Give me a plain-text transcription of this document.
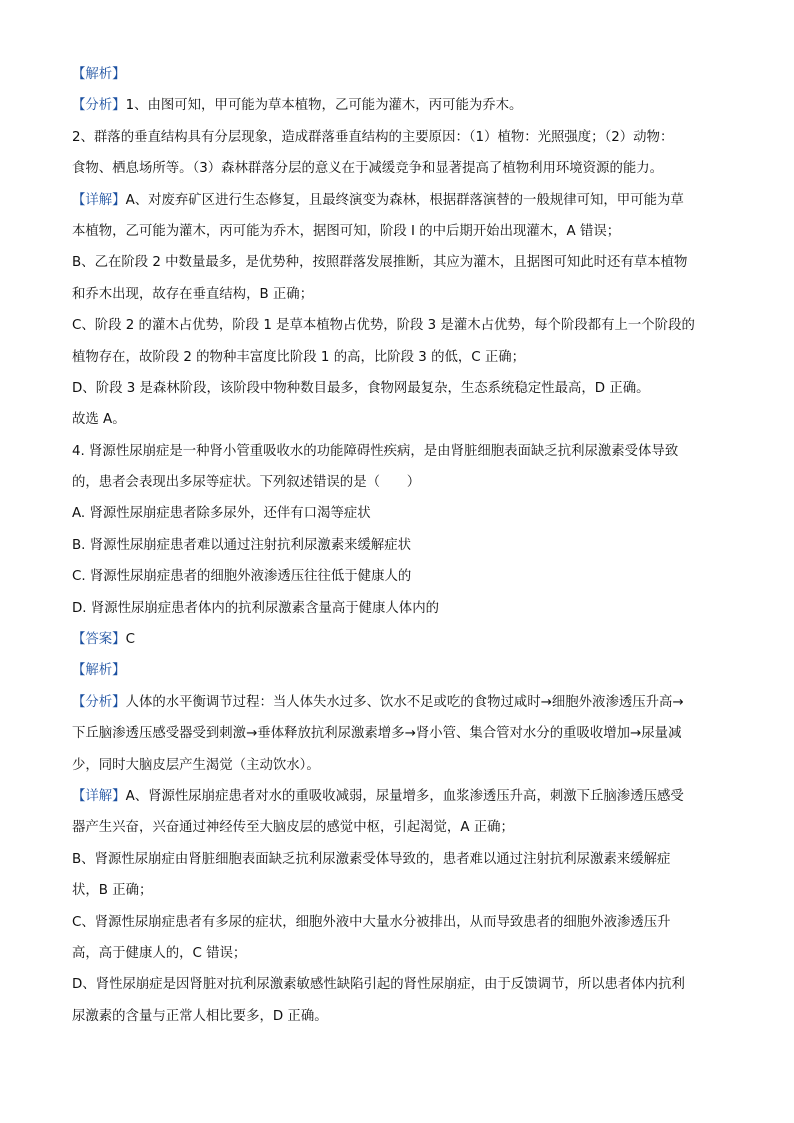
【解析】
【分析】1、由图可知，甲可能为草本植物，乙可能为灌木，丙可能为乔木。
2、群落的垂直结构具有分层现象，造成群落垂直结构的主要原因：（1）植物：光照强度；（2）动物：
食物、栖息场所等。（3）森林群落分层的意义在于减缓竞争和显著提高了植物利用环境资源的能力。
【详解】A、对废弃矿区进行生态修复，且最终演变为森林，根据群落演替的一般规律可知，甲可能为草
本植物，乙可能为灌木，丙可能为乔木，据图可知，阶段 I 的中后期开始出现灌木，A 错误；
B、乙在阶段 2 中数量最多，是优势种，按照群落发展推断，其应为灌木，且据图可知此时还有草本植物
和乔木出现，故存在垂直结构，B 正确；
C、阶段 2 的灌木占优势，阶段 1 是草本植物占优势，阶段 3 是灌木占优势，每个阶段都有上一个阶段的
植物存在，故阶段 2 的物种丰富度比阶段 1 的高，比阶段 3 的低，C 正确；
D、阶段 3 是森林阶段，该阶段中物种数目最多，食物网最复杂，生态系统稳定性最高，D 正确。
故选 A。
4. 肾源性尿崩症是一种肾小管重吸收水的功能障碍性疾病，是由肾脏细胞表面缺乏抗利尿激素受体导致
的，患者会表现出多尿等症状。下列叙述错误的是（　　）
A. 肾源性尿崩症患者除多尿外，还伴有口渴等症状
B. 肾源性尿崩症患者难以通过注射抗利尿激素来缓解症状
C. 肾源性尿崩症患者的细胞外液渗透压往往低于健康人的
D. 肾源性尿崩症患者体内的抗利尿激素含量高于健康人体内的
【答案】C
【解析】
【分析】人体的水平衡调节过程：当人体失水过多、饮水不足或吃的食物过咸时→细胞外液渗透压升高→
下丘脑渗透压感受器受到刺激→垂体释放抗利尿激素增多→肾小管、集合管对水分的重吸收增加→尿量减
少，同时大脑皮层产生渴觉（主动饮水）。
【详解】A、肾源性尿崩症患者对水的重吸收减弱，尿量增多，血浆渗透压升高，刺激下丘脑渗透压感受
器产生兴奋，兴奋通过神经传至大脑皮层的感觉中枢，引起渴觉，A 正确；
B、肾源性尿崩症由肾脏细胞表面缺乏抗利尿激素受体导致的，患者难以通过注射抗利尿激素来缓解症
状，B 正确；
C、肾源性尿崩症患者有多尿的症状，细胞外液中大量水分被排出，从而导致患者的细胞外液渗透压升
高，高于健康人的，C 错误；
D、肾性尿崩症是因肾脏对抗利尿激素敏感性缺陷引起的肾性尿崩症，由于反馈调节，所以患者体内抗利
尿激素的含量与正常人相比要多，D 正确。
